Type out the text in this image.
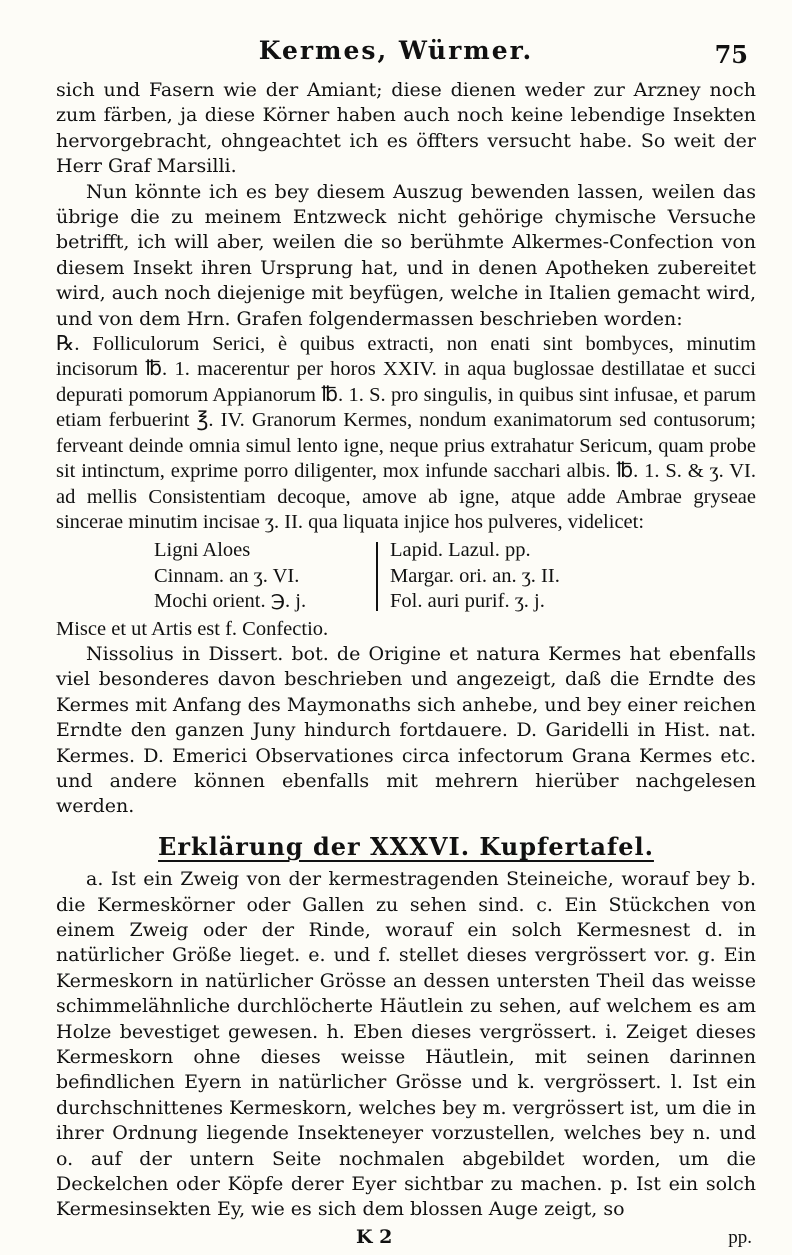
Kermes, Würmer.	75

sich und Fasern wie der Amiant; diese dienen weder zur Arzney noch zum färben, ja diese Körner haben auch noch keine lebendige Insekten hervorgebracht, ohngeachtet ich es öffters versucht habe. So weit der Herr Graf Marsilli.

Nun könnte ich es bey diesem Auszug bewenden lassen, weilen das übrige die zu meinem Entzweck nicht gehörige chymische Versuche betrifft, ich will aber, weilen die so berühmte Alkermes-Confection von diesem Insekt ihren Ursprung hat, und in denen Apotheken zubereitet wird, auch noch diejenige mit beyfügen, welche in Italien gemacht wird, und von dem Hrn. Grafen folgendermassen beschrieben worden:

℞. Folliculorum Serici, è quibus extracti, non enati sint bombyces, minutim incisorum ℔. 1. macerentur per horos XXIV. in aqua buglossae destillatae et succi depurati pomorum Appianorum ℔. 1. S. pro singulis, in quibus sint infusae, et parum etiam ferbuerint ℥. IV. Granorum Kermes, nondum exanimatorum sed contusorum; ferveant deinde omnia simul lento igne, neque prius extrahatur Sericum, quam probe sit intinctum, exprime porro diligenter, mox infunde sacchari albis. ℔. 1. S. & ʒ. VI. ad mellis Consistentiam decoque, amove ab igne, atque adde Ambrae gryseae sincerae minutim incisae ʒ. II. qua liquata injice hos pulveres, videlicet:

Ligni Aloes
Cinnam. an ʒ. VI.
Mochi orient. ℈. j.
Lapid. Lazul. pp.
Margar. ori. an. ʒ. II.
Fol. auri purif. ʒ. j.

Misce et ut Artis est f. Confectio.

Nissolius in Dissert. bot. de Origine et natura Kermes hat ebenfalls viel besonderes davon beschrieben und angezeigt, daß die Erndte des Kermes mit Anfang des Maymonaths sich anhebe, und bey einer reichen Erndte den ganzen Juny hindurch fortdauere. D. Garidelli in Hist. nat. Kermes. D. Emerici Observationes circa infectorum Grana Kermes etc. und andere können ebenfalls mit mehrern hierüber nachgelesen werden.

Erklärung der XXXVI. Kupfertafel.

a. Ist ein Zweig von der kermestragenden Steineiche, worauf bey b. die Kermeskörner oder Gallen zu sehen sind. c. Ein Stückchen von einem Zweig oder der Rinde, worauf ein solch Kermesnest d. in natürlicher Größe lieget. e. und f. stellet dieses vergrössert vor. g. Ein Kermeskorn in natürlicher Grösse an dessen untersten Theil das weisse schimmelähnliche durchlöcherte Häutlein zu sehen, auf welchem es am Holze bevestiget gewesen. h. Eben dieses vergrössert. i. Zeiget dieses Kermeskorn ohne dieses weisse Häutlein, mit seinen darinnen befindlichen Eyern in natürlicher Grösse und k. vergrössert. l. Ist ein durchschnittenes Kermeskorn, welches bey m. vergrössert ist, um die in ihrer Ordnung liegende Insekteneyer vorzustellen, welches bey n. und o. auf der untern Seite nochmalen abgebildet worden, um die Deckelchen oder Köpfe derer Eyer sichtbar zu machen. p. Ist ein solch Kermesinsekten Ey, wie es sich dem blossen Auge zeigt, so

K 2	pp.
